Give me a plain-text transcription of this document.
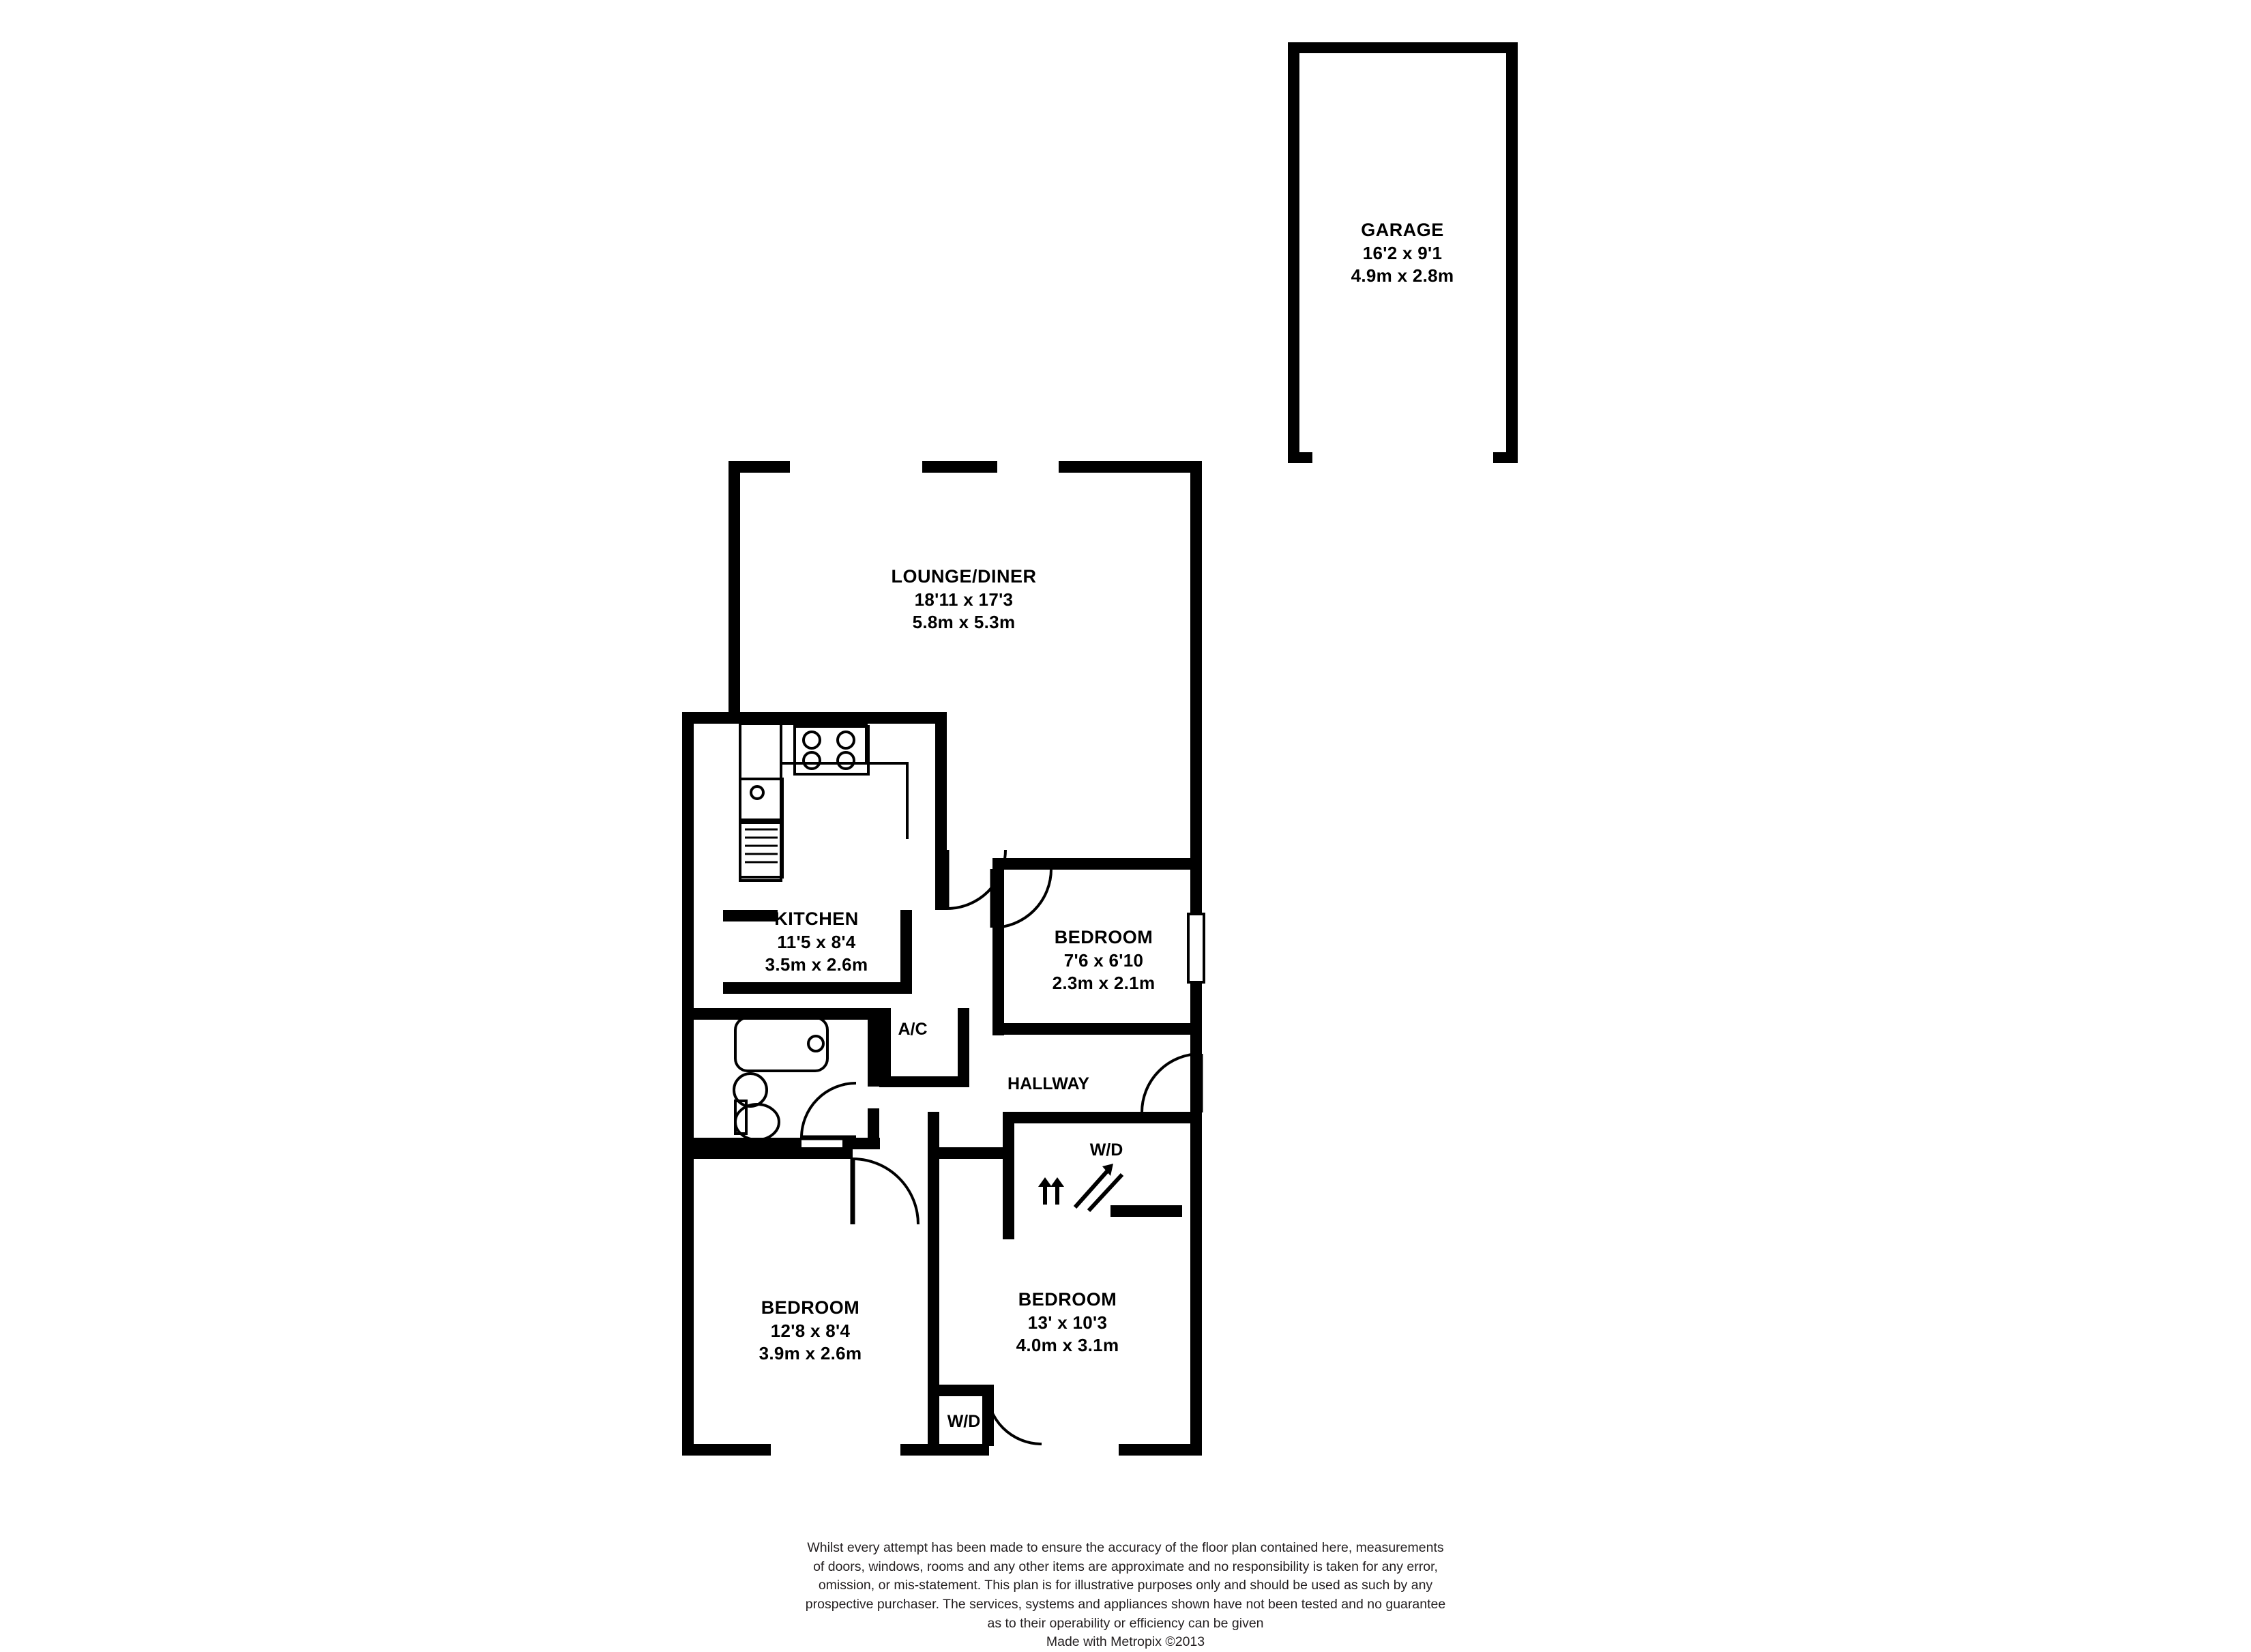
GARAGE
16'2 x 9'1
4.9m x 2.8m
LOUNGE/DINER
18'11 x 17'3
5.8m x 5.3m
KITCHEN
11'5 x 8'4
3.5m x 2.6m
BEDROOM
7'6 x 6'10
2.3m x 2.1m
BEDROOM
12'8 x 8'4
3.9m x 2.6m
BEDROOM
13' x 10'3
4.0m x 3.1m
A/C
HALLWAY
W/D
W/D
Whilst every attempt has been made to ensure the accuracy of the floor plan contained here, measurements
of doors, windows, rooms and any other items are approximate and no responsibility is taken for any error,
omission, or mis-statement. This plan is for illustrative purposes only and should be used as such by any
prospective purchaser. The services, systems and appliances shown have not been tested and no guarantee
as to their operability or efficiency can be given
Made with Metropix ©2013
